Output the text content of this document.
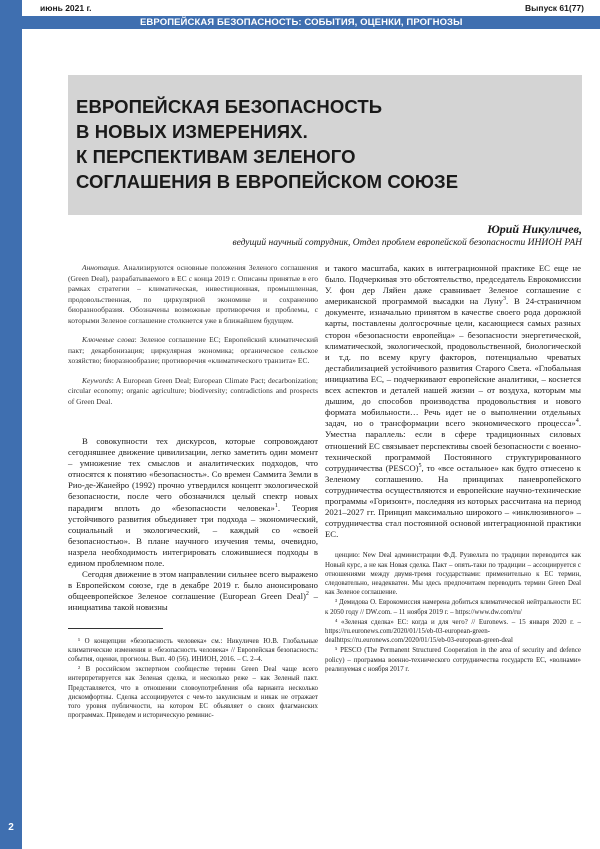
2
июнь 2021 г.	Выпуск 61(77)
ЕВРОПЕЙСКАЯ БЕЗОПАСНОСТЬ: СОБЫТИЯ, ОЦЕНКИ, ПРОГНОЗЫ
ЕВРОПЕЙСКАЯ БЕЗОПАСНОСТЬ
В НОВЫХ ИЗМЕРЕНИЯХ.
К ПЕРСПЕКТИВАМ ЗЕЛЕНОГО
СОГЛАШЕНИЯ В ЕВРОПЕЙСКОМ СОЮЗЕ
Юрий Никуличев,
ведущий научный сотрудник, Отдел проблем европейской безопасности ИНИОН РАН

Аннотация. Анализируются основные положения Зеленого соглашения (Green Deal), разрабатываемого в ЕС с конца 2019 г. Описаны принятые в его рамках стратегии – климатическая, инвестиционная, промышленная, продовольственная, по циркулярной экономике и сохранению биоразнообразия. Обозначены возможные противоречия и проблемы, с которыми Зеленое соглашение столкнется уже в ближайшем будущем.

Ключевые слова: Зеленое соглашение ЕС; Европейский климатический пакт; декарбонизация; циркулярная экономика; органическое сельское хозяйство; биоразнообразие; противоречия «климатического транзита» ЕС.

Keywords: A European Green Deal; European Climate Pact; decarbonization; circular economy; organic agriculture; biodiversity; contradictions and prospects of Green Deal.

В совокупности тех дискурсов, которые сопровождают сегодняшнее движение цивилизации, легко заметить один момент – умножение тех смыслов и аналитических подходов, что относятся к понятию «безопасность». Со времен Саммита Земли в Рио-де-Жанейро (1992) прочно утвердился концепт экологической безопасности, после чего обозначился целый спектр новых парадигм вплоть до «безопасности человека»$^1$. Теория устойчивого развития объединяет три подхода – экономический, социальный и экологический, – каждый со «своей безопасностью». В плане научного изучения темы, очевидно, назрела необходимость интегрировать сложившиеся подходы в едином проблемном поле.

Сегодня движение в этом направлении сильнее всего выражено в Европейском союзе, где в декабре 2019 г. было анонсировано общеевропейское Зеленое соглашение (European Green Deal)$^2$ – инициатива такой новизны

¹ О концепции «безопасность человека» см.: Никуличев Ю.В. Глобальные климатические изменения и «безопасность человека» // Европейская безопасность: события, оценки, прогнозы. Вып. 40 (56). ИНИОН, 2016. – С. 2–4.

² В российском экспертном сообществе термин Green Deal чаще всего интерпретируется как Зеленая сделка, и несколько реже – как Зеленый пакт. Представляется, что в отношении словоупотребления оба варианта несколько дискомфортны. Сделка ассоциируется с чем-то закулисным и никак не отражает того уровня публичности, на котором ЕС объявляет о своих флагманских программах. Приведем и историческую реминис-

и такого масштаба, каких в интеграционной практике ЕС еще не было. Подчеркивая это обстоятельство, председатель Еврокомиссии У. фон дер Ляйен даже сравнивает Зеленое соглашение с американской программой высадки на Луну$^3$. В 24-страничном документе, изначально принятом в качестве своего рода дорожной карты, поставлены долгосрочные цели, касающиеся самых разных сторон «безопасности европейца» – безопасности энергетической, климатической, экологической, продовольственной, биологической и т.д. по всему кругу факторов, потенциально чреватых дестабилизацией устойчивого развития Старого Света. «Глобальная инициатива ЕС, – подчеркивают европейские аналитики, – коснется всех аспектов и деталей нашей жизни – от воздуха, которым мы дышим, до способов производства продовольствия и нового формата мобильности… Речь идет не о выполнении отдельных задач, но о трансформации всего экономического процесса»$^4$. Уместна параллель: если в сфере традиционных силовых отношений ЕС связывает перспективы своей безопасности с военно-технической программой Постоянного структурированного сотрудничества (PESCO)$^5$, то «все остальное» как будто отнесено к Зеленому соглашению. На принципах паневропейского сотрудничества осуществляются и европейские научно-технические программы «Горизонт», последняя из которых рассчитана на период 2021–2027 гг. Принцип максимально широкого – «инклюзивного» – сотрудничества стал постоянной основой интеграционной практики ЕС.

ценцию: New Deal администрации Ф.Д. Рузвельта по традиции переводится как Новый курс, а не как Новая сделка. Пакт – опять-таки по традиции – ассоциируется с отношениями между двумя-тремя государствами: применительно к ЕС термин, следовательно, неадекватен. Мы здесь предпочитаем переводить термин Green Deal как Зеленое соглашение.

³ Демидова О. Еврокомиссия намерена добиться климатической нейтральности ЕС к 2050 году // DW.com. – 11 ноября 2019 г. – https://www.dw.com/ru/

⁴ «Зеленая сделка» ЕС: когда и для чего? // Euronews. – 15 января 2020 г. – https://ru.euronews.com/2020/01/15/eb-03-european-green-dealhttps://ru.euronews.com/2020/01/15/eb-03-european-green-deal

⁵ PESCO (The Permanent Structured Cooperation in the area of security and defence policy) – программа военно-технического сотрудничества государств ЕС, «волнами» реализуемая с ноября 2017 г.
